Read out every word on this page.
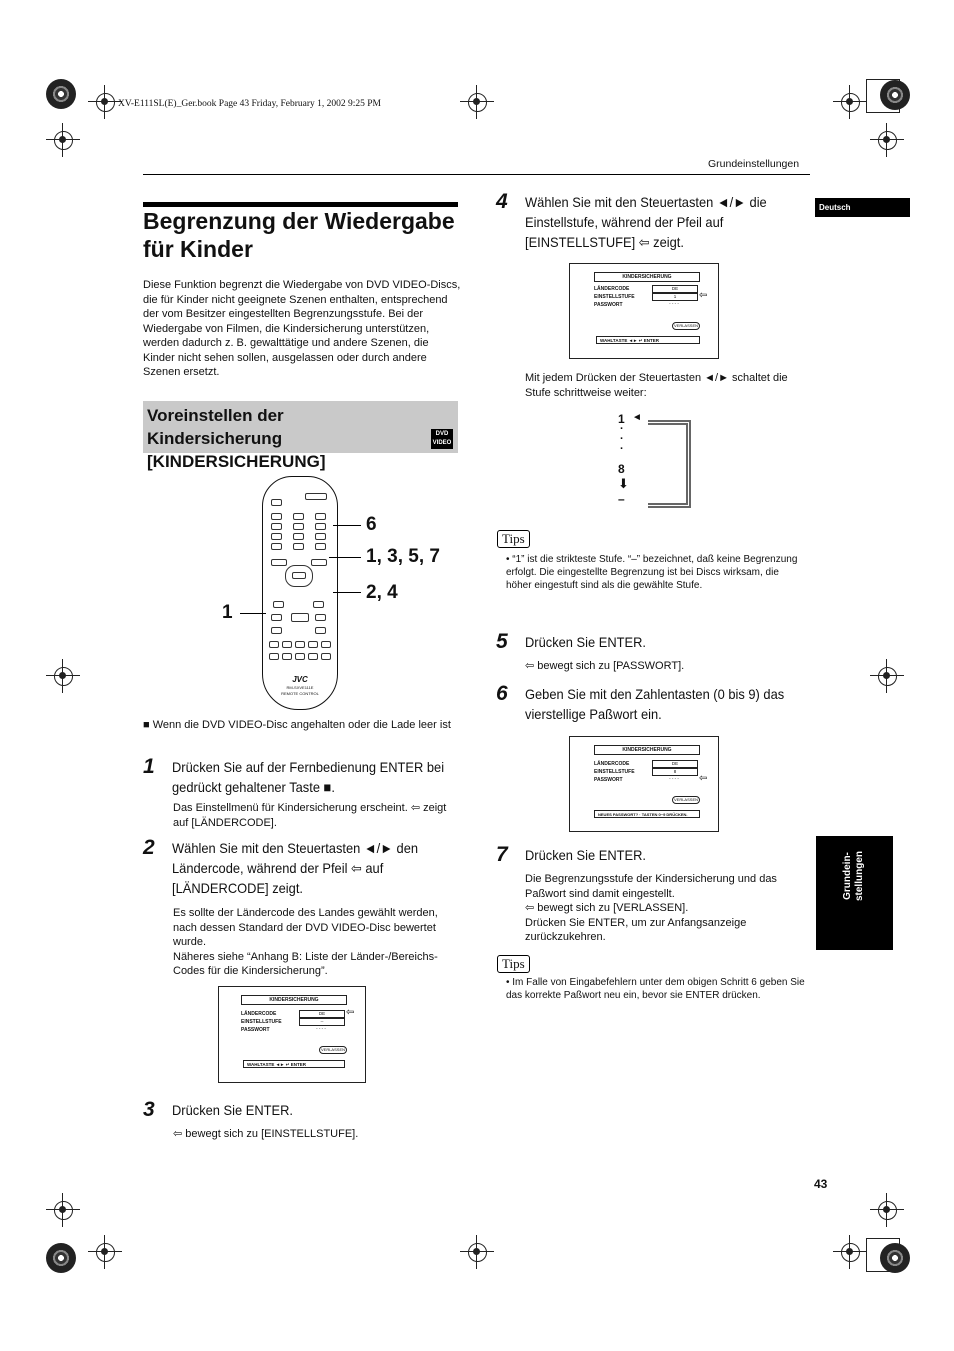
XV-E111SL(E)_Ger.book Page 43 Friday, February 1, 2002 9:25 PM
Grundeinstellungen
Deutsch
Grundein- stellungen
Begrenzung der Wiedergabe für Kinder
Diese Funktion begrenzt die Wiedergabe von DVD VIDEO-Discs, die für Kinder nicht geeignete Szenen enthalten, entsprechend der vom Besitzer eingestellten Begrenzungsstufe. Bei der Wiedergabe von Filmen, die Kindersicherung unterstützen, werden dadurch z. B. gewalttätige und andere Szenen, die Kinder nicht sehen sollen, ausgelassen oder durch andere Szenen ersetzt.
Voreinstellen der Kindersicherung [KINDERSICHERUNG]
DVD VIDEO
JVC
RM-SXVE111E
REMOTE CONTROL
6
1, 3, 5, 7
2, 4
1
■ Wenn die DVD VIDEO-Disc angehalten oder die Lade leer ist
1 Drücken Sie auf der Fernbedienung ENTER bei gedrückt gehaltener Taste ■.
Das Einstellmenü für Kindersicherung erscheint. ⇦ zeigt auf [LÄNDERCODE].
2 Wählen Sie mit den Steuertasten ◄/► den Ländercode, während der Pfeil ⇦ auf [LÄNDERCODE] zeigt.
Es sollte der Ländercode des Landes gewählt werden, nach dessen Standard der DVD VIDEO-Disc bewertet wurde.
Näheres siehe “Anhang B: Liste der Länder-/Bereichs-Codes für die Kindersicherung”.
KINDERSICHERUNG
LÄNDERCODE
EINSTELLSTUFE
PASSWORT
DE
--
- - - -
⇦
VERLASSEN
WAHLTASTE ◄► ↵ ENTER
3 Drücken Sie ENTER.
⇦ bewegt sich zu [EINSTELLSTUFE].
4 Wählen Sie mit den Steuertasten ◄/► die Einstellstufe, während der Pfeil auf [EINSTELLSTUFE] ⇦ zeigt.
KINDERSICHERUNG
LÄNDERCODE
EINSTELLSTUFE
PASSWORT
DE
1
- - - -
⇦
VERLASSEN
WAHLTASTE ◄► ↵ ENTER
Mit jedem Drücken der Steuertasten ◄/► schaltet die Stufe schrittweise weiter:
1
·
·
·
8
⬇
–
◄
Tips
• “1” ist die strikteste Stufe. “–” bezeichnet, daß keine Begrenzung erfolgt. Die eingestellte Begrenzung ist bei Discs wirksam, die höher eingestuft sind als die gewählte Stufe.
5 Drücken Sie ENTER.
⇦ bewegt sich zu [PASSWORT].
6 Geben Sie mit den Zahlentasten (0 bis 9) das vierstellige Paßwort ein.
KINDERSICHERUNG
LÄNDERCODE
EINSTELLSTUFE
PASSWORT
DE
8
- - - -	⇦
VERLASSEN
NEUES PASSWORT? · TASTEN 0~9 DRÜCKEN.
7 Drücken Sie ENTER.
Die Begrenzungsstufe der Kindersicherung und das Paßwort sind damit eingestellt.
⇦ bewegt sich zu [VERLASSEN].
Drücken Sie ENTER, um zur Anfangsanzeige zurückzukehren.
Tips
• Im Falle von Eingabefehlern unter dem obigen Schritt 6 geben Sie das korrekte Paßwort neu ein, bevor sie ENTER drücken.
43
